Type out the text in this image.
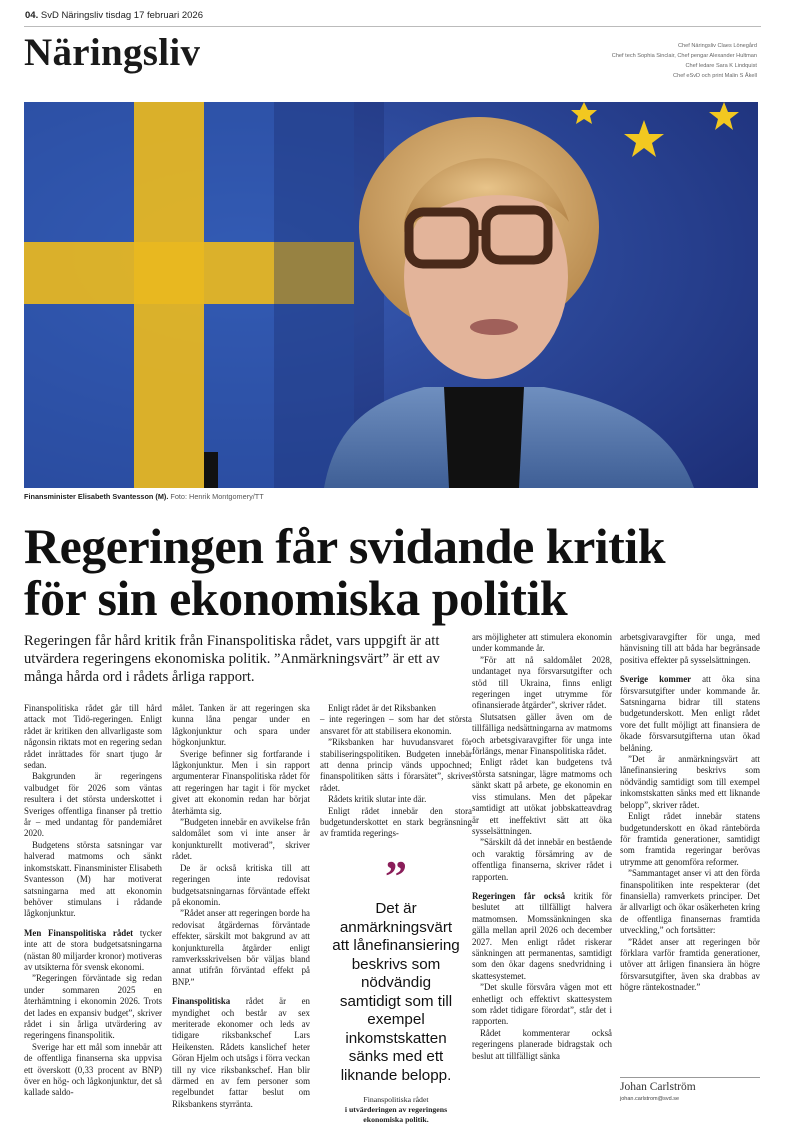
04. SvD Näringsliv tisdag 17 februari 2026
Näringsliv	Chef Näringsliv Claes Lönegård
Chef tech Sophia Sinclair, Chef pengar Alexander Hultman
Chef ledare Sara K Lindquist
Chef eSvD och print Malin S Åkell
Finansminister Elisabeth Svantesson (M). Foto: Henrik Montgomery/TT
Regeringen får svidande kritik
för sin ekonomiska politik
Regeringen får hård kritik från Finanspolitiska rådet, vars uppgift är att utvärdera regeringens ekonomiska politik. ”Anmärkningsvärt” är ett av många hårda ord i rådets årliga rapport.

Finanspolitiska rådet går till hård attack mot Tidö-regeringen. Enligt rådet är kritiken den allvarligaste som någonsin riktats mot en regering sedan rådet inrättades för snart tjugo år sedan.

Bakgrunden är regeringens valbudget för 2026 som väntas resultera i det största underskottet i Sveriges offentliga finanser på trettio år – med undantag för pandemiåret 2020.

Budgetens största satsningar var halverad matmoms och sänkt inkomstskatt. Finansminister Elisabeth Svantesson (M) har motiverat satsningarna med att ekonomin behöver stimulans i rådande lågkonjunktur.

Men Finanspolitiska rådet tycker inte att de stora budgetsatsningarna (nästan 80 miljarder kronor) motiveras av utsikterna för svensk ekonomi.

”Regeringen förväntade sig redan under sommaren 2025 en återhämtning i ekonomin 2026. Trots det lades en expansiv budget”, skriver rådet i sin årliga utvärdering av regeringens finanspolitik.

Sverige har ett mål som innebär att de offentliga finanserna ska uppvisa ett överskott (0,33 procent av BNP) över en hög- och lågkonjunktur, det så kallade saldo-

målet. Tanken är att regeringen ska kunna låna pengar under en lågkonjunktur och spara under högkonjunktur.

Sverige befinner sig fortfarande i lågkonjunktur. Men i sin rapport argumenterar Finanspolitiska rådet för att regeringen har tagit i för mycket givet att ekonomin redan har börjat återhämta sig.

”Budgeten innebär en avvikelse från saldomålet som vi inte anser är konjunkturellt motiverad”, skriver rådet.

De är också kritiska till att regeringen inte redovisat budgetsatsningarnas förväntade effekt på ekonomin.

”Rådet anser att regeringen borde ha redovisat åtgärdernas förväntade effekter, särskilt mot bakgrund av att konjunkturella åtgärder enligt ramverksskrivelsen bör väljas bland annat utifrån förväntad effekt på BNP.”

Finanspolitiska rådet är en myndighet och består av sex meriterade ekonomer och leds av tidigare riksbankschef Lars Heikensten. Rådets kanslichef heter Göran Hjelm och utsågs i förra veckan till ny vice riksbankschef. Han blir därmed en av fem personer som regelbundet fattar beslut om Riksbankens styrränta.

Enligt rådet är det Riksbanken

– inte regeringen – som har det största ansvaret för att stabilisera ekonomin.

”Riksbanken har huvudansvaret för stabiliseringspolitiken. Budgeten innebär att denna princip vänds uppochned; finanspolitiken sätts i förarsätet”, skriver rådet.

Rådets kritik slutar inte där.

Enligt rådet innebär den stora budgetunderskottet en stark begränsning av framtida regerings-

”
Det är anmärkningsvärt att lånefinansiering beskrivs som nödvändig samtidigt som till exempel inkomstskatten sänks med ett liknande belopp.
Finanspolitiska rådet
i utvärderingen av regeringens ekonomiska politik.

ars möjligheter att stimulera ekonomin under kommande år.

”För att nå saldomålet 2028, undantaget nya försvarsutgifter och stöd till Ukraina, finns enligt regeringen inget utrymme för ofinansierade åtgärder”, skriver rådet.

Slutsatsen gäller även om de tillfälliga nedsättningarna av matmoms och arbetsgivaravgifter för unga inte förlängs, menar Finanspolitiska rådet.

Enligt rådet kan budgetens två största satsningar, lägre matmoms och sänkt skatt på arbete, ge ekonomin en viss stimulans. Men det påpekar samtidigt att utökat jobbskatteavdrag är ett ineffektivt sätt att öka sysselsättningen.

”Särskilt då det innebär en bestående och varaktig försämring av de offentliga finanserna, skriver rådet i rapporten.

Regeringen får också kritik för beslutet att tillfälligt halvera matmomsen. Momssänkningen ska gälla mellan april 2026 och december 2027. Men enligt rådet riskerar sänkningen att permanentas, samtidigt som den ökar dagens snedvridning i skattesystemet.

”Det skulle försvåra vägen mot ett enhetligt och effektivt skattesystem som rådet tidigare förordat”, står det i rapporten.

Rådet kommenterar också regeringens planerade bidragstak och beslut att tillfälligt sänka

arbetsgivaravgifter för unga, med hänvisning till att båda har begränsade positiva effekter på sysselsättningen.

Sverige kommer att öka sina försvarsutgifter under kommande år. Satsningarna bidrar till statens budgetunderskott. Men enligt rådet vore det fullt möjligt att finansiera de ökade försvarsutgifterna utan ökad belåning.

”Det är anmärkningsvärt att lånefinansiering beskrivs som nödvändig samtidigt som till exempel inkomstskatten sänks med ett liknande belopp”, skriver rådet.

Enligt rådet innebär statens budgetunderskott en ökad räntebörda för framtida generationer, samtidigt som framtida regeringar berövas utrymme att genomföra reformer.

”Sammantaget anser vi att den förda finanspolitiken inte respekterar (det finansiella) ramverkets principer. Det är allvarligt och ökar osäkerheten kring de offentliga finansernas framtida utveckling,” och fortsätter:

”Rådet anser att regeringen bör förklara varför framtida generationer, utöver att årligen finansiera än högre försvarsutgifter, även ska drabbas av högre räntekostnader.”

Johan Carlström
johan.carlstrom@svd.se
